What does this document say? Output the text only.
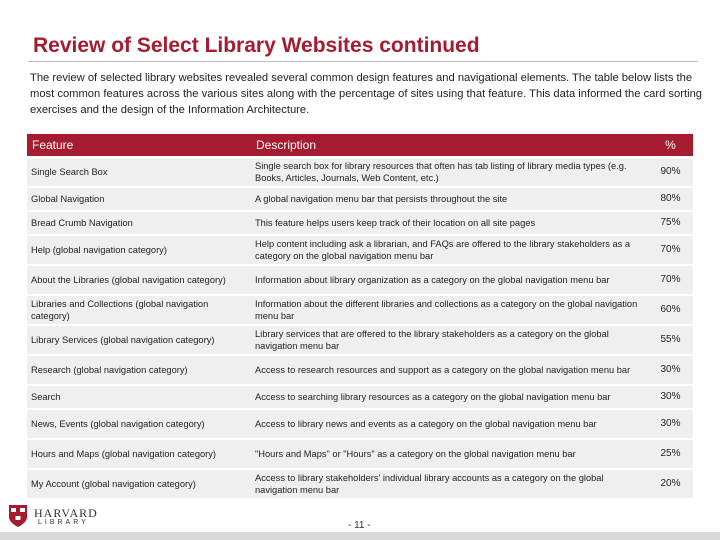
Review of Select Library Websites continued

The review of selected library websites revealed several common design features and navigational elements. The table below lists the most common features across the various sites along with the percentage of sites using that feature. This data informed the card sorting exercises and the design of the Information Architecture.

Feature	Description	%
Single Search Box	Single search box for library resources that often has tab listing of library media types (e.g. Books, Articles, Journals, Web Content, etc.)	90%
Global Navigation	A global navigation menu bar that persists throughout the site	80%
Bread Crumb Navigation	This feature helps users keep track of their location on all site pages	75%
Help (global navigation category)	Help content including ask a librarian, and FAQs are offered to the library stakeholders as a category on the global navigation menu bar	70%
About the Libraries (global navigation category)	Information about library organization as a category on the global navigation menu bar	70%
Libraries and Collections (global navigation category)	Information about the different libraries and collections as a category on the global navigation menu bar	60%
Library Services (global navigation category)	Library services that are offered to the library stakeholders as a category on the global navigation menu bar	55%
Research (global navigation category)	Access to research resources and support as a category on the global navigation menu bar	30%
Search	Access to searching library resources as a category on the global navigation menu bar	30%
News, Events (global navigation category)	Access to library news and events as a category on the global navigation menu bar	30%
Hours and Maps (global navigation category)	"Hours and Maps" or "Hours" as a category on the global navigation menu bar	25%
My Account (global navigation category)	Access to library stakeholders' individual library accounts as a category on the global navigation menu bar	20%
HARVARD
LIBRARY	- 11 -
